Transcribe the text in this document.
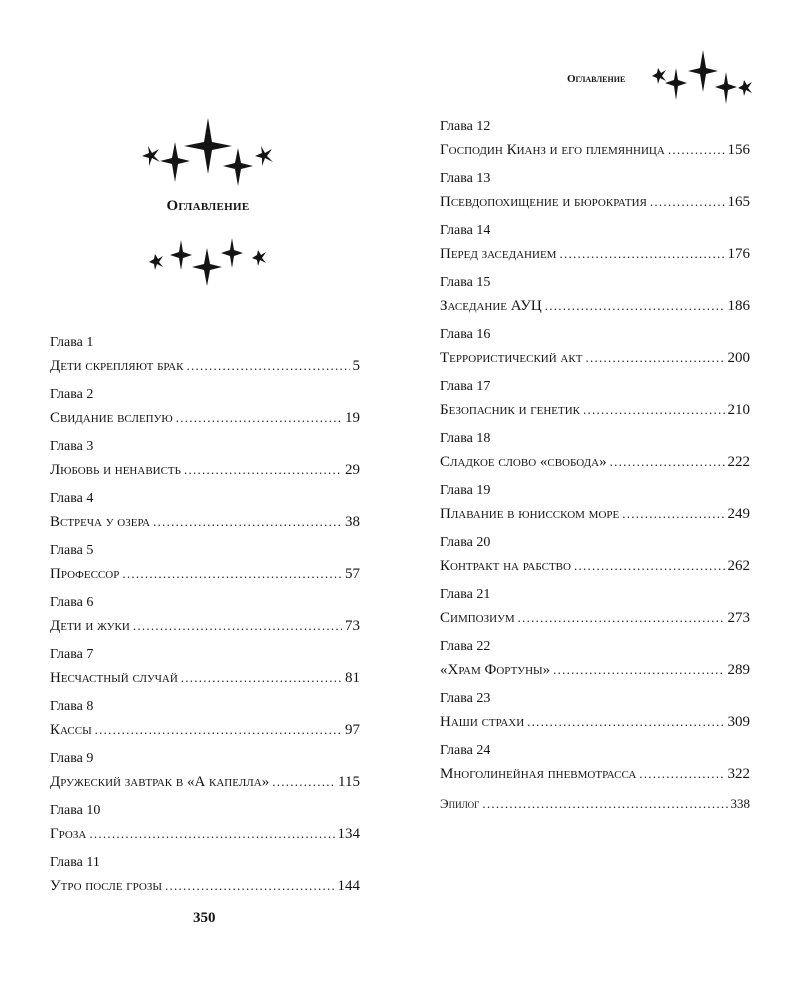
Оглавление
Глава 1
Дети скрепляют брак . . .	5
Глава 2
Свидание вслепую . . .	19
Глава 3
Любовь и ненависть . . .	29
Глава 4
Встреча у озера . . .	38
Глава 5
Профессор . . .	57
Глава 6
Дети и жуки . . .	73
Глава 7
Несчастный случай . . .	81
Глава 8
Кассы . . .	97
Глава 9
Дружеский завтрак в «А капелла» . . .	115
Глава 10
Гроза . . .	134
Глава 11
Утро после грозы . . .	144
350
Оглавление
Глава 12
Господин Кианз и его племянница . . .	156
Глава 13
Псевдопохищение и бюрократия . . .	165
Глава 14
Перед заседанием . . .	176
Глава 15
Заседание АУЦ . . .	186
Глава 16
Террористический акт . . .	200
Глава 17
Безопасник и генетик . . .	210
Глава 18
Сладкое слово «свобода» . . .	222
Глава 19
Плавание в юнисском море . . .	249
Глава 20
Контракт на рабство . . .	262
Глава 21
Симпозиум . . .	273
Глава 22
«Храм Фортуны» . . .	289
Глава 23
Наши страхи . . .	309
Глава 24
Многолинейная пневмотрасса . . .	322
Эпилог . . .	338
